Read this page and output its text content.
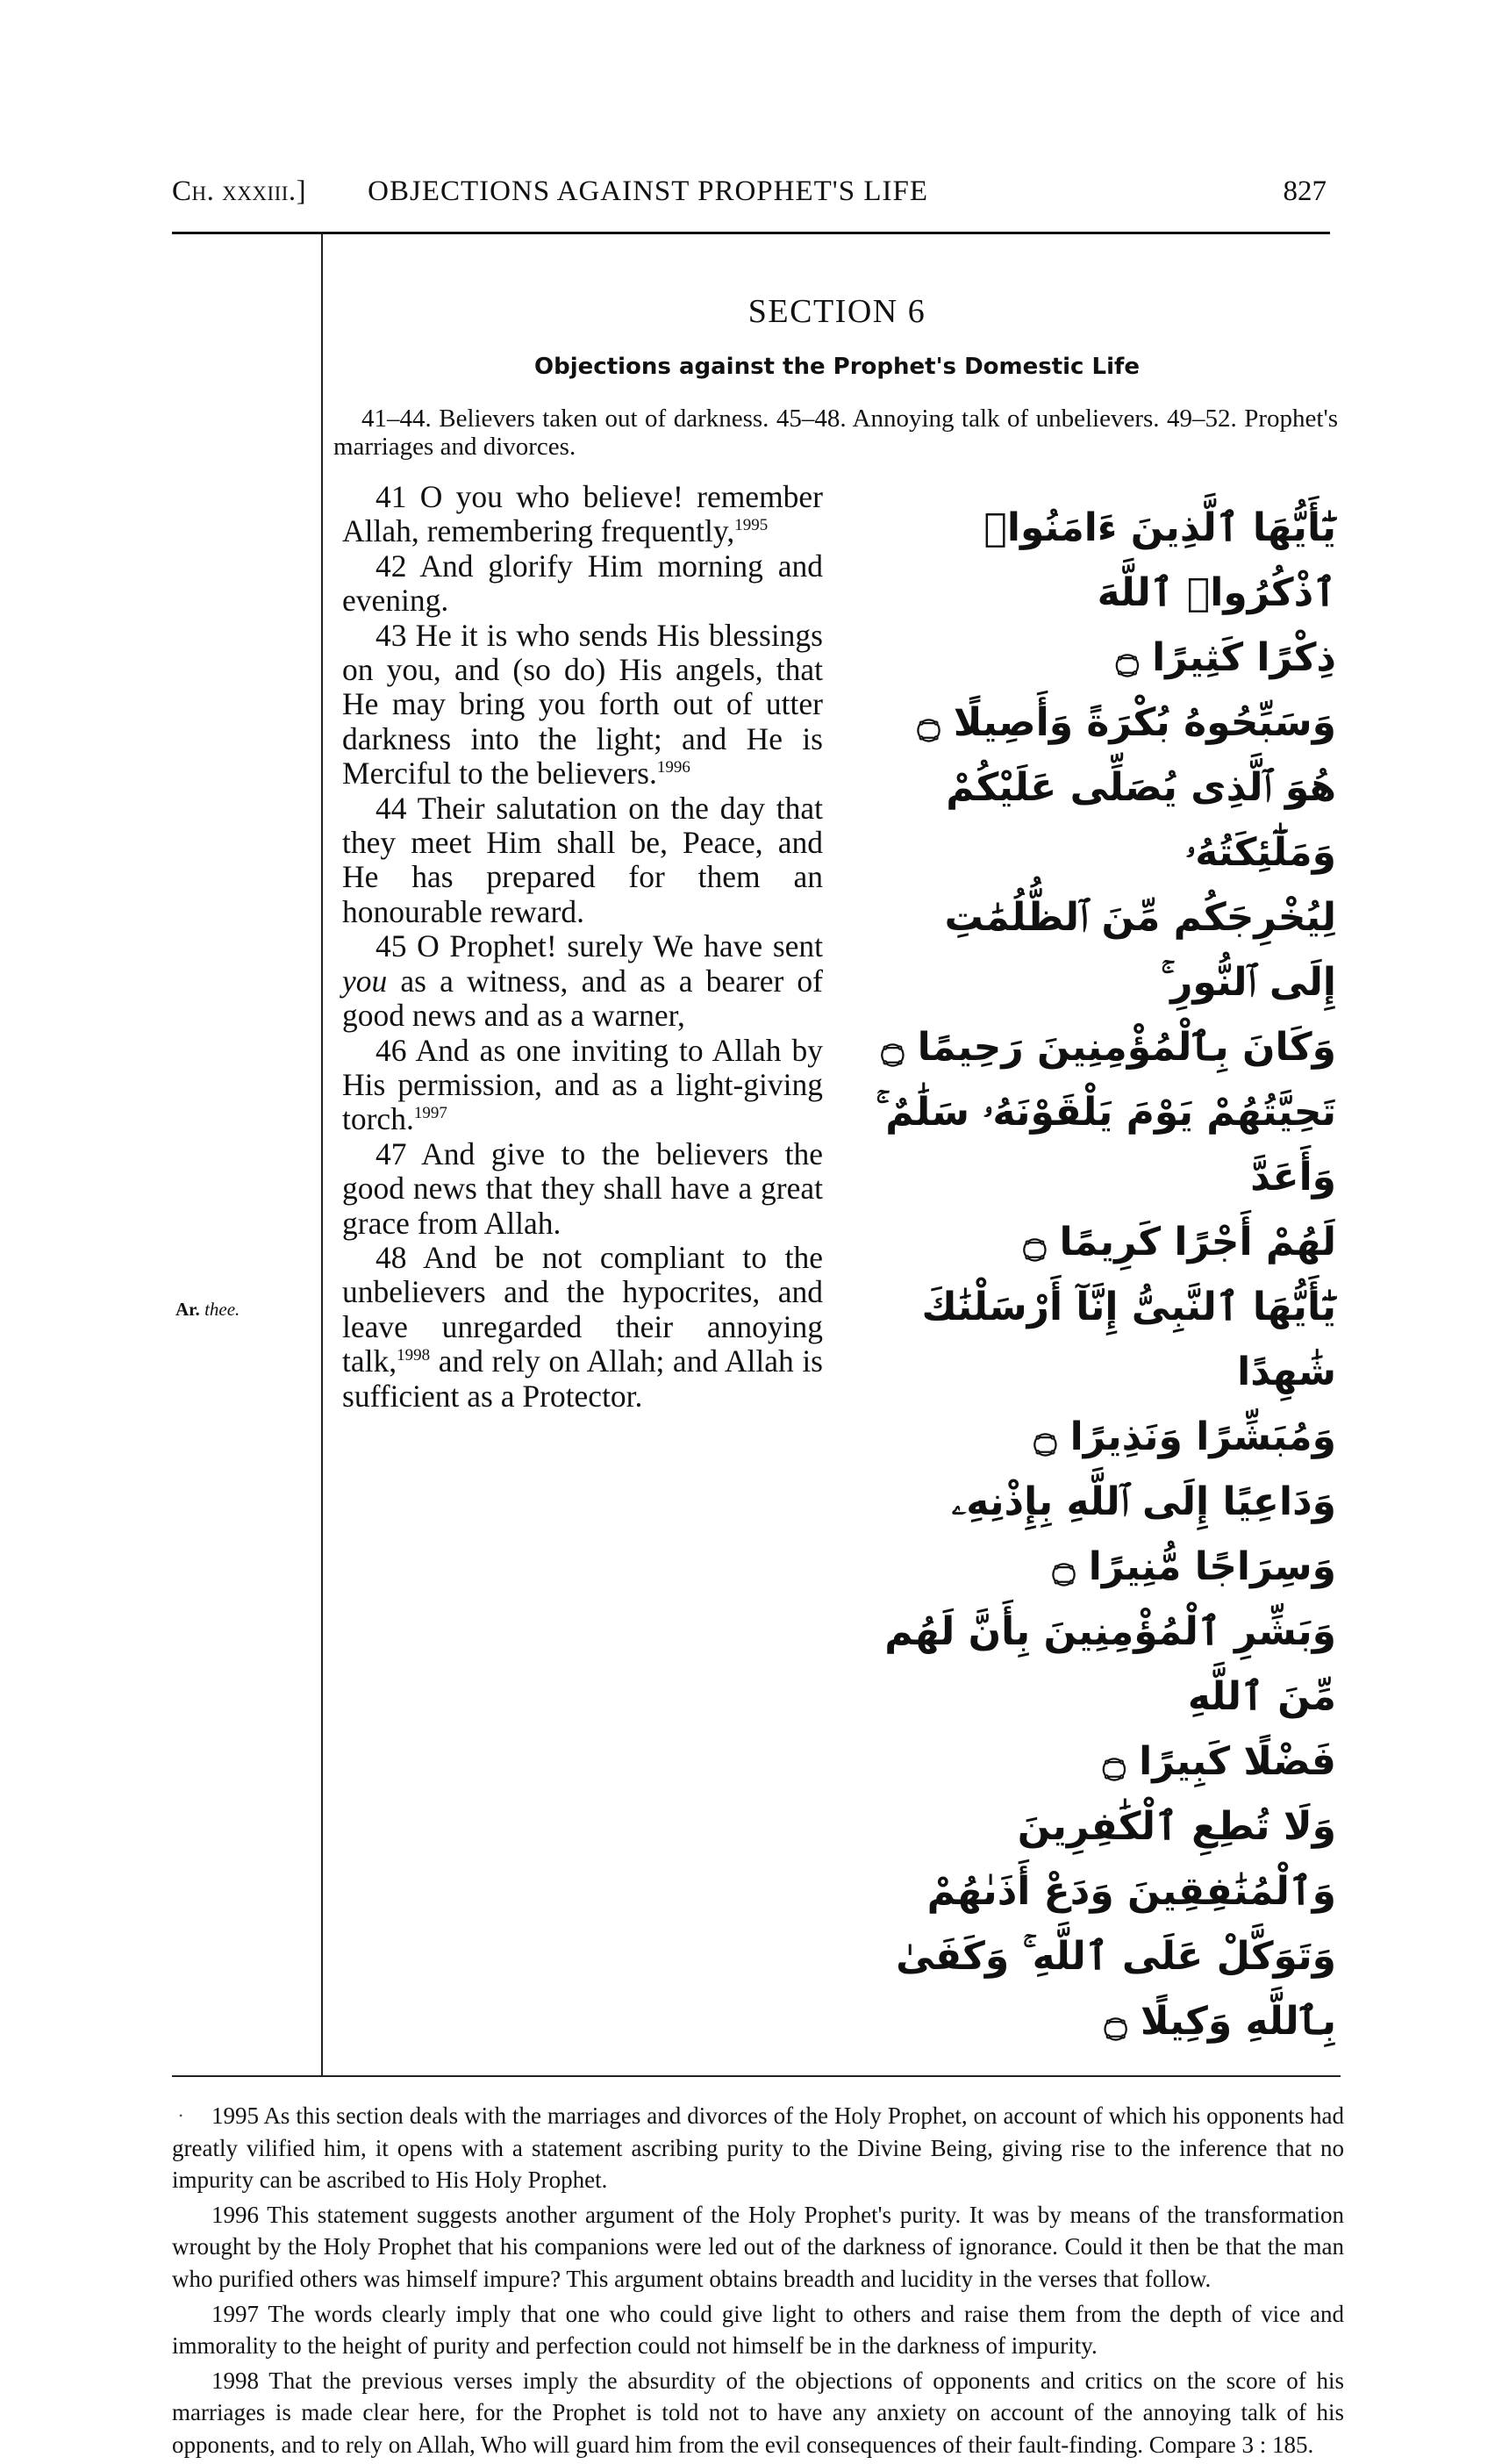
Ch. xxxiii.]	OBJECTIONS AGAINST PROPHET'S LIFE	827
Ar. thee.
SECTION 6
Objections against the Prophet's Domestic Life
41–44. Believers taken out of darkness. 45–48. Annoying talk of unbelievers. 49–52. Prophet's marriages and divorces.

41 O you who believe! remember Allah, remembering frequently,$^{1995}$

42 And glorify Him morning and evening.

43 He it is who sends His blessings on you, and (so do) His angels, that He may bring you forth out of utter darkness into the light; and He is Merciful to the believers.$^{1996}$

44 Their salutation on the day that they meet Him shall be, Peace, and He has prepared for them an honourable reward.

45 O Prophet! surely We have sent you as a witness, and as a bearer of good news and as a warner,

46 And as one inviting to Allah by His permission, and as a light-giving torch.$^{1997}$

47 And give to the believers the good news that they shall have a great grace from Allah.

48 And be not compliant to the unbelievers and the hypocrites, and leave unregarded their annoying talk,$^{1998}$ and rely on Allah; and Allah is sufficient as a Protector.

يَٰٓأَيُّهَا ٱلَّذِينَ ءَامَنُوا۟ ٱذْكُرُوا۟ ٱللَّهَ
ذِكْرًا كَثِيرًا ۝
وَسَبِّحُوهُ بُكْرَةً وَأَصِيلًا ۝
هُوَ ٱلَّذِى يُصَلِّى عَلَيْكُمْ وَمَلَٰٓئِكَتُهُۥ
لِيُخْرِجَكُم مِّنَ ٱلظُّلُمَٰتِ إِلَى ٱلنُّورِ ۚ
وَكَانَ بِٱلْمُؤْمِنِينَ رَحِيمًا ۝
تَحِيَّتُهُمْ يَوْمَ يَلْقَوْنَهُۥ سَلَٰمٌ ۚ وَأَعَدَّ
لَهُمْ أَجْرًا كَرِيمًا ۝
يَٰٓأَيُّهَا ٱلنَّبِىُّ إِنَّآ أَرْسَلْنَٰكَ شَٰهِدًا
وَمُبَشِّرًا وَنَذِيرًا ۝
وَدَاعِيًا إِلَى ٱللَّهِ بِإِذْنِهِۦ وَسِرَاجًا مُّنِيرًا ۝
وَبَشِّرِ ٱلْمُؤْمِنِينَ بِأَنَّ لَهُم مِّنَ ٱللَّهِ
فَضْلًا كَبِيرًا ۝
وَلَا تُطِعِ ٱلْكَٰفِرِينَ وَٱلْمُنَٰفِقِينَ وَدَعْ أَذَىٰهُمْ
وَتَوَكَّلْ عَلَى ٱللَّهِ ۚ وَكَفَىٰ بِٱللَّهِ وَكِيلًا ۝
•	1995 As this section deals with the marriages and divorces of the Holy Prophet, on account of which his opponents had greatly vilified him, it opens with a statement ascribing purity to the Divine Being, giving rise to the inference that no impurity can be ascribed to His Holy Prophet.

1996 This statement suggests another argument of the Holy Prophet's purity. It was by means of the transformation wrought by the Holy Prophet that his companions were led out of the darkness of ignorance. Could it then be that the man who purified others was himself impure? This argument obtains breadth and lucidity in the verses that follow.

1997 The words clearly imply that one who could give light to others and raise them from the depth of vice and immorality to the height of purity and perfection could not himself be in the darkness of impurity.

1998 That the previous verses imply the absurdity of the objections of opponents and critics on the score of his marriages is made clear here, for the Prophet is told not to have any anxiety on account of the annoying talk of his opponents, and to rely on Allah, Who will guard him from the evil consequences of their fault-finding. Compare 3 : 185.
